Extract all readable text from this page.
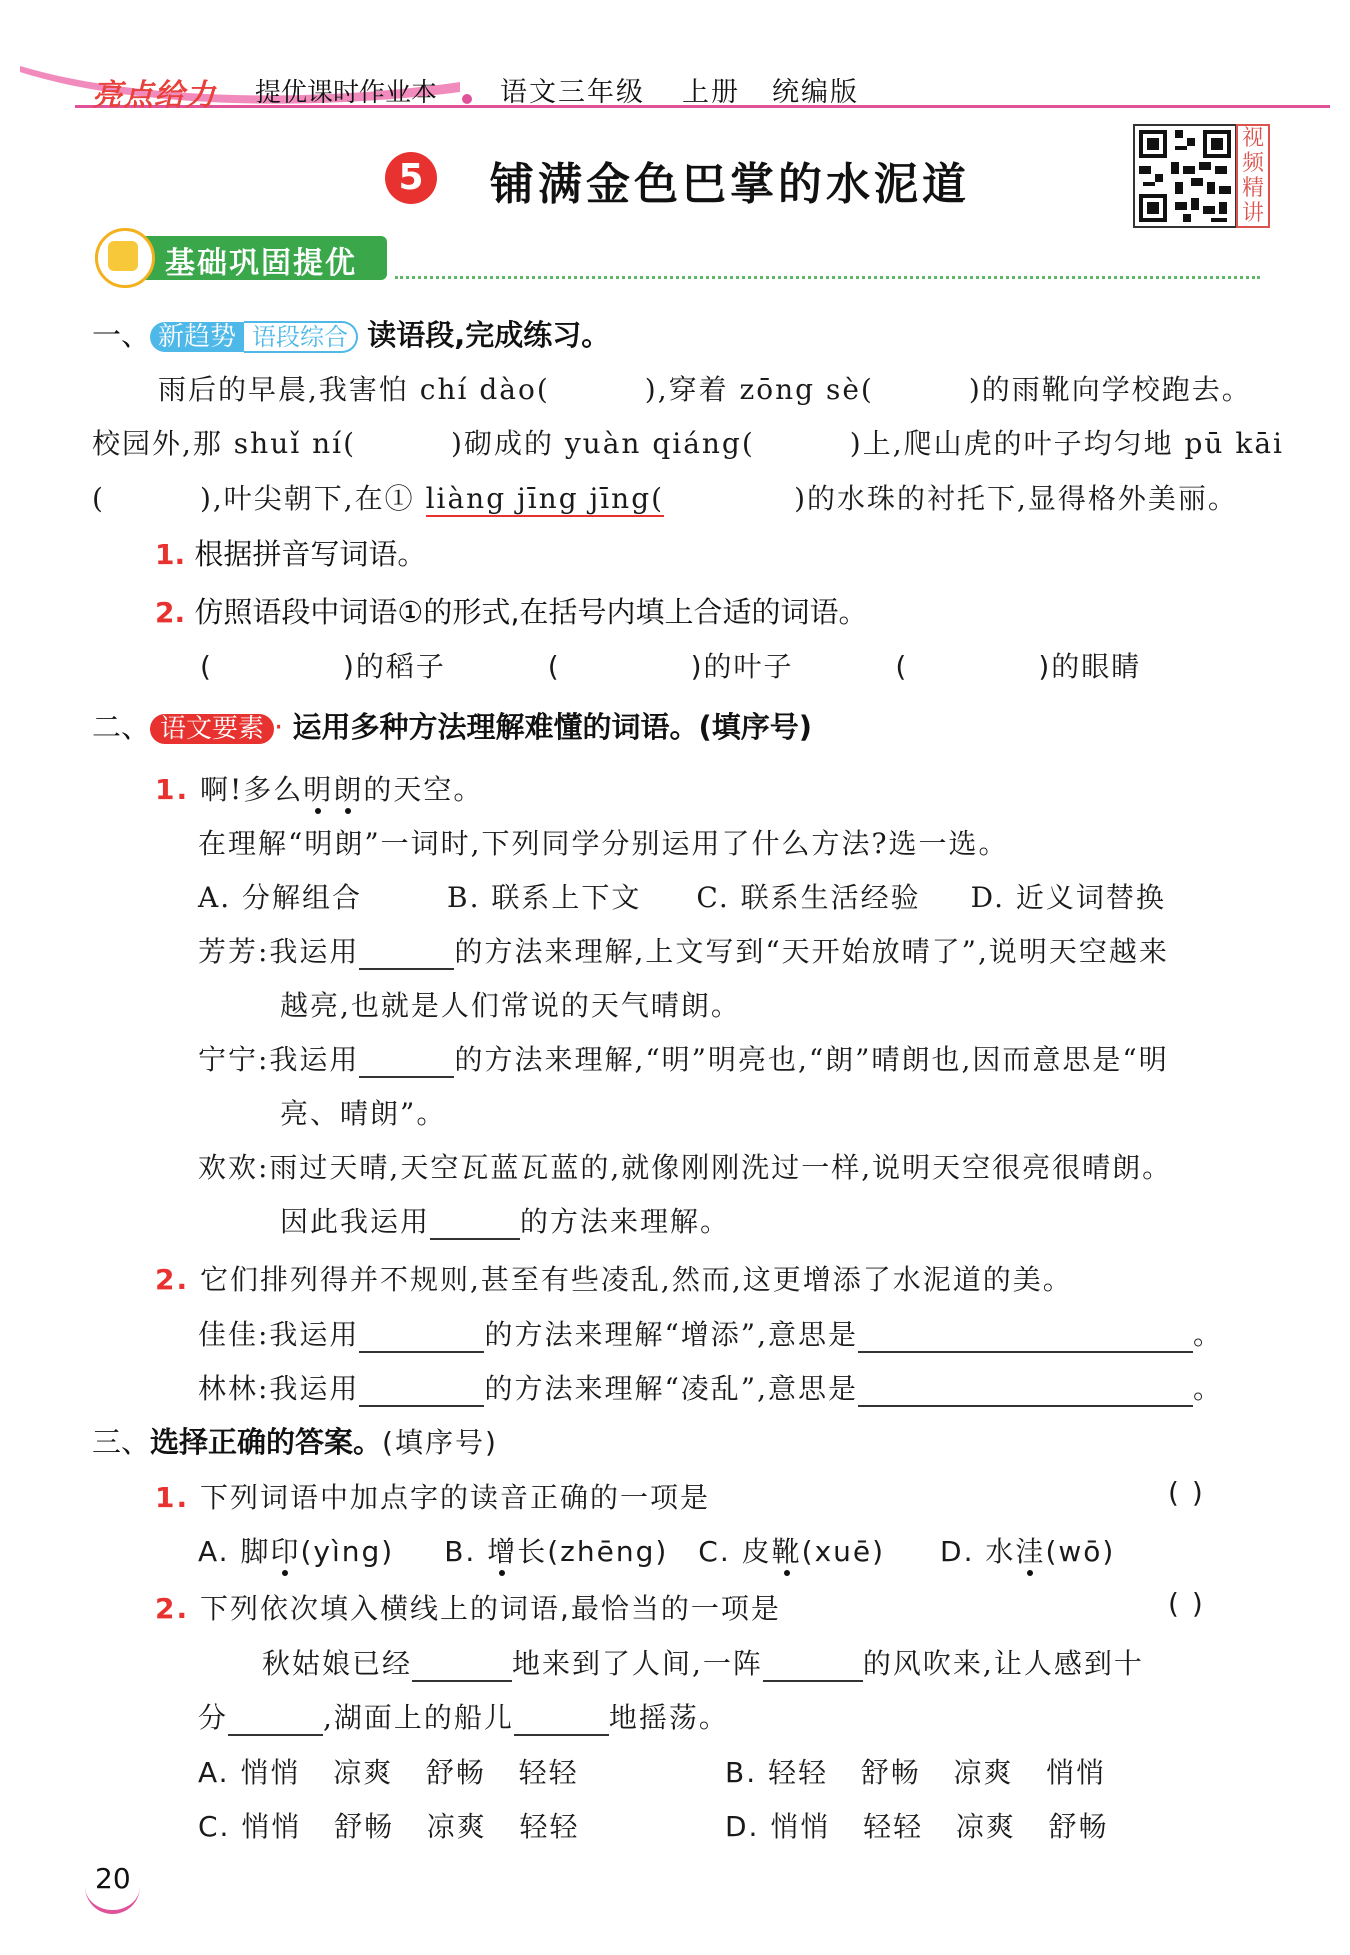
亮点给力 提优课时作业本 语文三年级 上册 统编版
5	铺满金色巴掌的水泥道
视
频
精
讲
基础巩固提优
一、 新趋势 语段综合 读语段,完成练习。
雨后的早晨,我害怕 chí dào(	),穿着 zōng sè(	)的雨靴向学校跑去。
校园外,那 shuǐ ní(	)砌成的 yuàn qiáng(	)上,爬山虎的叶子均匀地 pū kāi
(	),叶尖朝下,在① liàng jīng jīng(	)的水珠的衬托下,显得格外美丽。
1. 根据拼音写词语。
2. 仿照语段中词语①的形式,在括号内填上合适的词语。
(	)的稻子	(	)的叶子	(	)的眼睛
二、 语文要素 · 运用多种方法理解难懂的词语。(填序号)
1. 啊!多么明朗的天空。
在理解“明朗”一词时,下列同学分别运用了什么方法?选一选。
A. 分解组合	B. 联系上下文 C. 联系生活经验 D. 近义词替换
芳芳:我运用	的方法来理解,上文写到“天开始放晴了”,说明天空越来
越亮,也就是人们常说的天气晴朗。
宁宁:我运用	的方法来理解,“明”明亮也,“朗”晴朗也,因而意思是“明
亮、晴朗”。
欢欢:雨过天晴,天空瓦蓝瓦蓝的,就像刚刚洗过一样,说明天空很亮很晴朗。
因此我运用	的方法来理解。
2. 它们排列得并不规则,甚至有些凌乱,然而,这更增添了水泥道的美。
佳佳:我运用	的方法来理解“增添”,意思是	。
林林:我运用	的方法来理解“凌乱”,意思是	。
三、选择正确的答案。(填序号)
1. 下列词语中加点字的读音正确的一项是	( )
A. 脚印(yìng) B. 增长(zhēng) C. 皮靴(xuē) D. 水洼(wō)
2. 下列依次填入横线上的词语,最恰当的一项是	( )
秋姑娘已经	地来到了人间,一阵	的风吹来,让人感到十
分	,湖面上的船儿	地摇荡。
A. 悄悄 凉爽 舒畅 轻轻	B. 轻轻 舒畅 凉爽 悄悄
C. 悄悄 舒畅 凉爽 轻轻	D. 悄悄 轻轻 凉爽 舒畅
20
